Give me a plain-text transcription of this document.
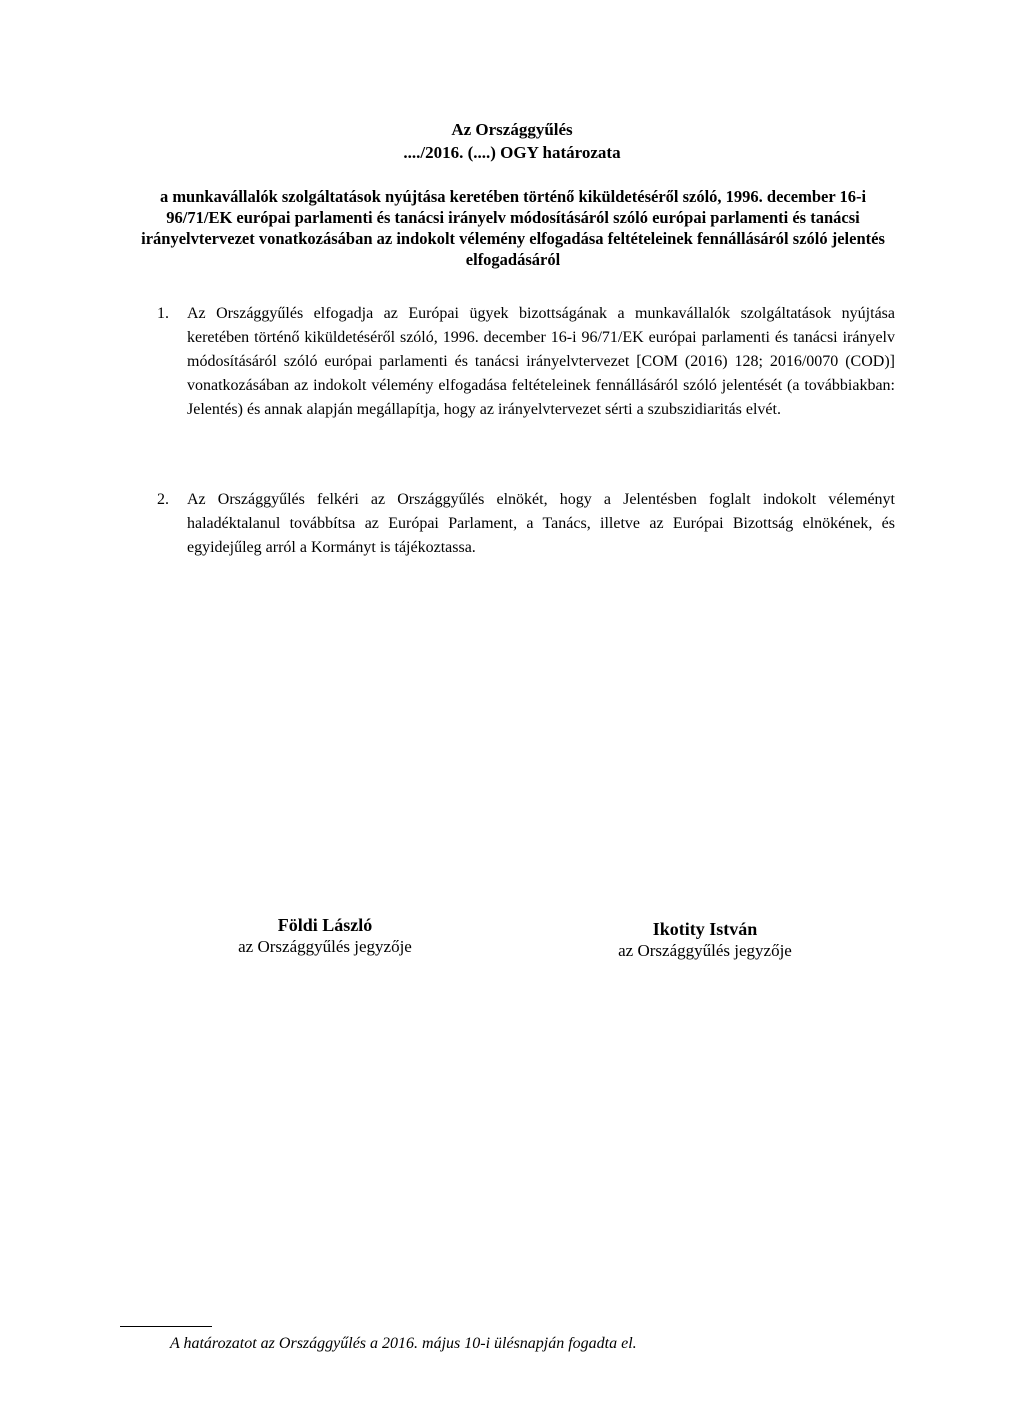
Az Országgyűlés
..../2016. (....) OGY határozata
a munkavállalók szolgáltatások nyújtása keretében történő kiküldetéséről szóló, 1996. december 16-i 96/71/EK európai parlamenti és tanácsi irányelv módosításáról szóló európai parlamenti és tanácsi irányelvtervezet vonatkozásában az indokolt vélemény elfogadása feltételeinek fennállásáról szóló jelentés elfogadásáról
1. Az Országgyűlés elfogadja az Európai ügyek bizottságának a munkavállalók szolgáltatások nyújtása keretében történő kiküldetéséről szóló, 1996. december 16-i 96/71/EK európai parlamenti és tanácsi irányelv módosításáról szóló európai parlamenti és tanácsi irányelvtervezet [COM (2016) 128; 2016/0070 (COD)] vonatkozásában az indokolt vélemény elfogadása feltételeinek fennállásáról szóló jelentését (a továbbiakban: Jelentés) és annak alapján megállapítja, hogy az irányelvtervezet sérti a szubszidiaritás elvét.
2. Az Országgyűlés felkéri az Országgyűlés elnökét, hogy a Jelentésben foglalt indokolt véleményt haladéktalanul továbbítsa az Európai Parlament, a Tanács, illetve az Európai Bizottság elnökének, és egyidejűleg arról a Kormányt is tájékoztassa.
Földi László
az Országgyűlés jegyzője
Ikotity István
az Országgyűlés jegyzője
A határozatot az Országgyűlés a 2016. május 10-i ülésnapján fogadta el.
